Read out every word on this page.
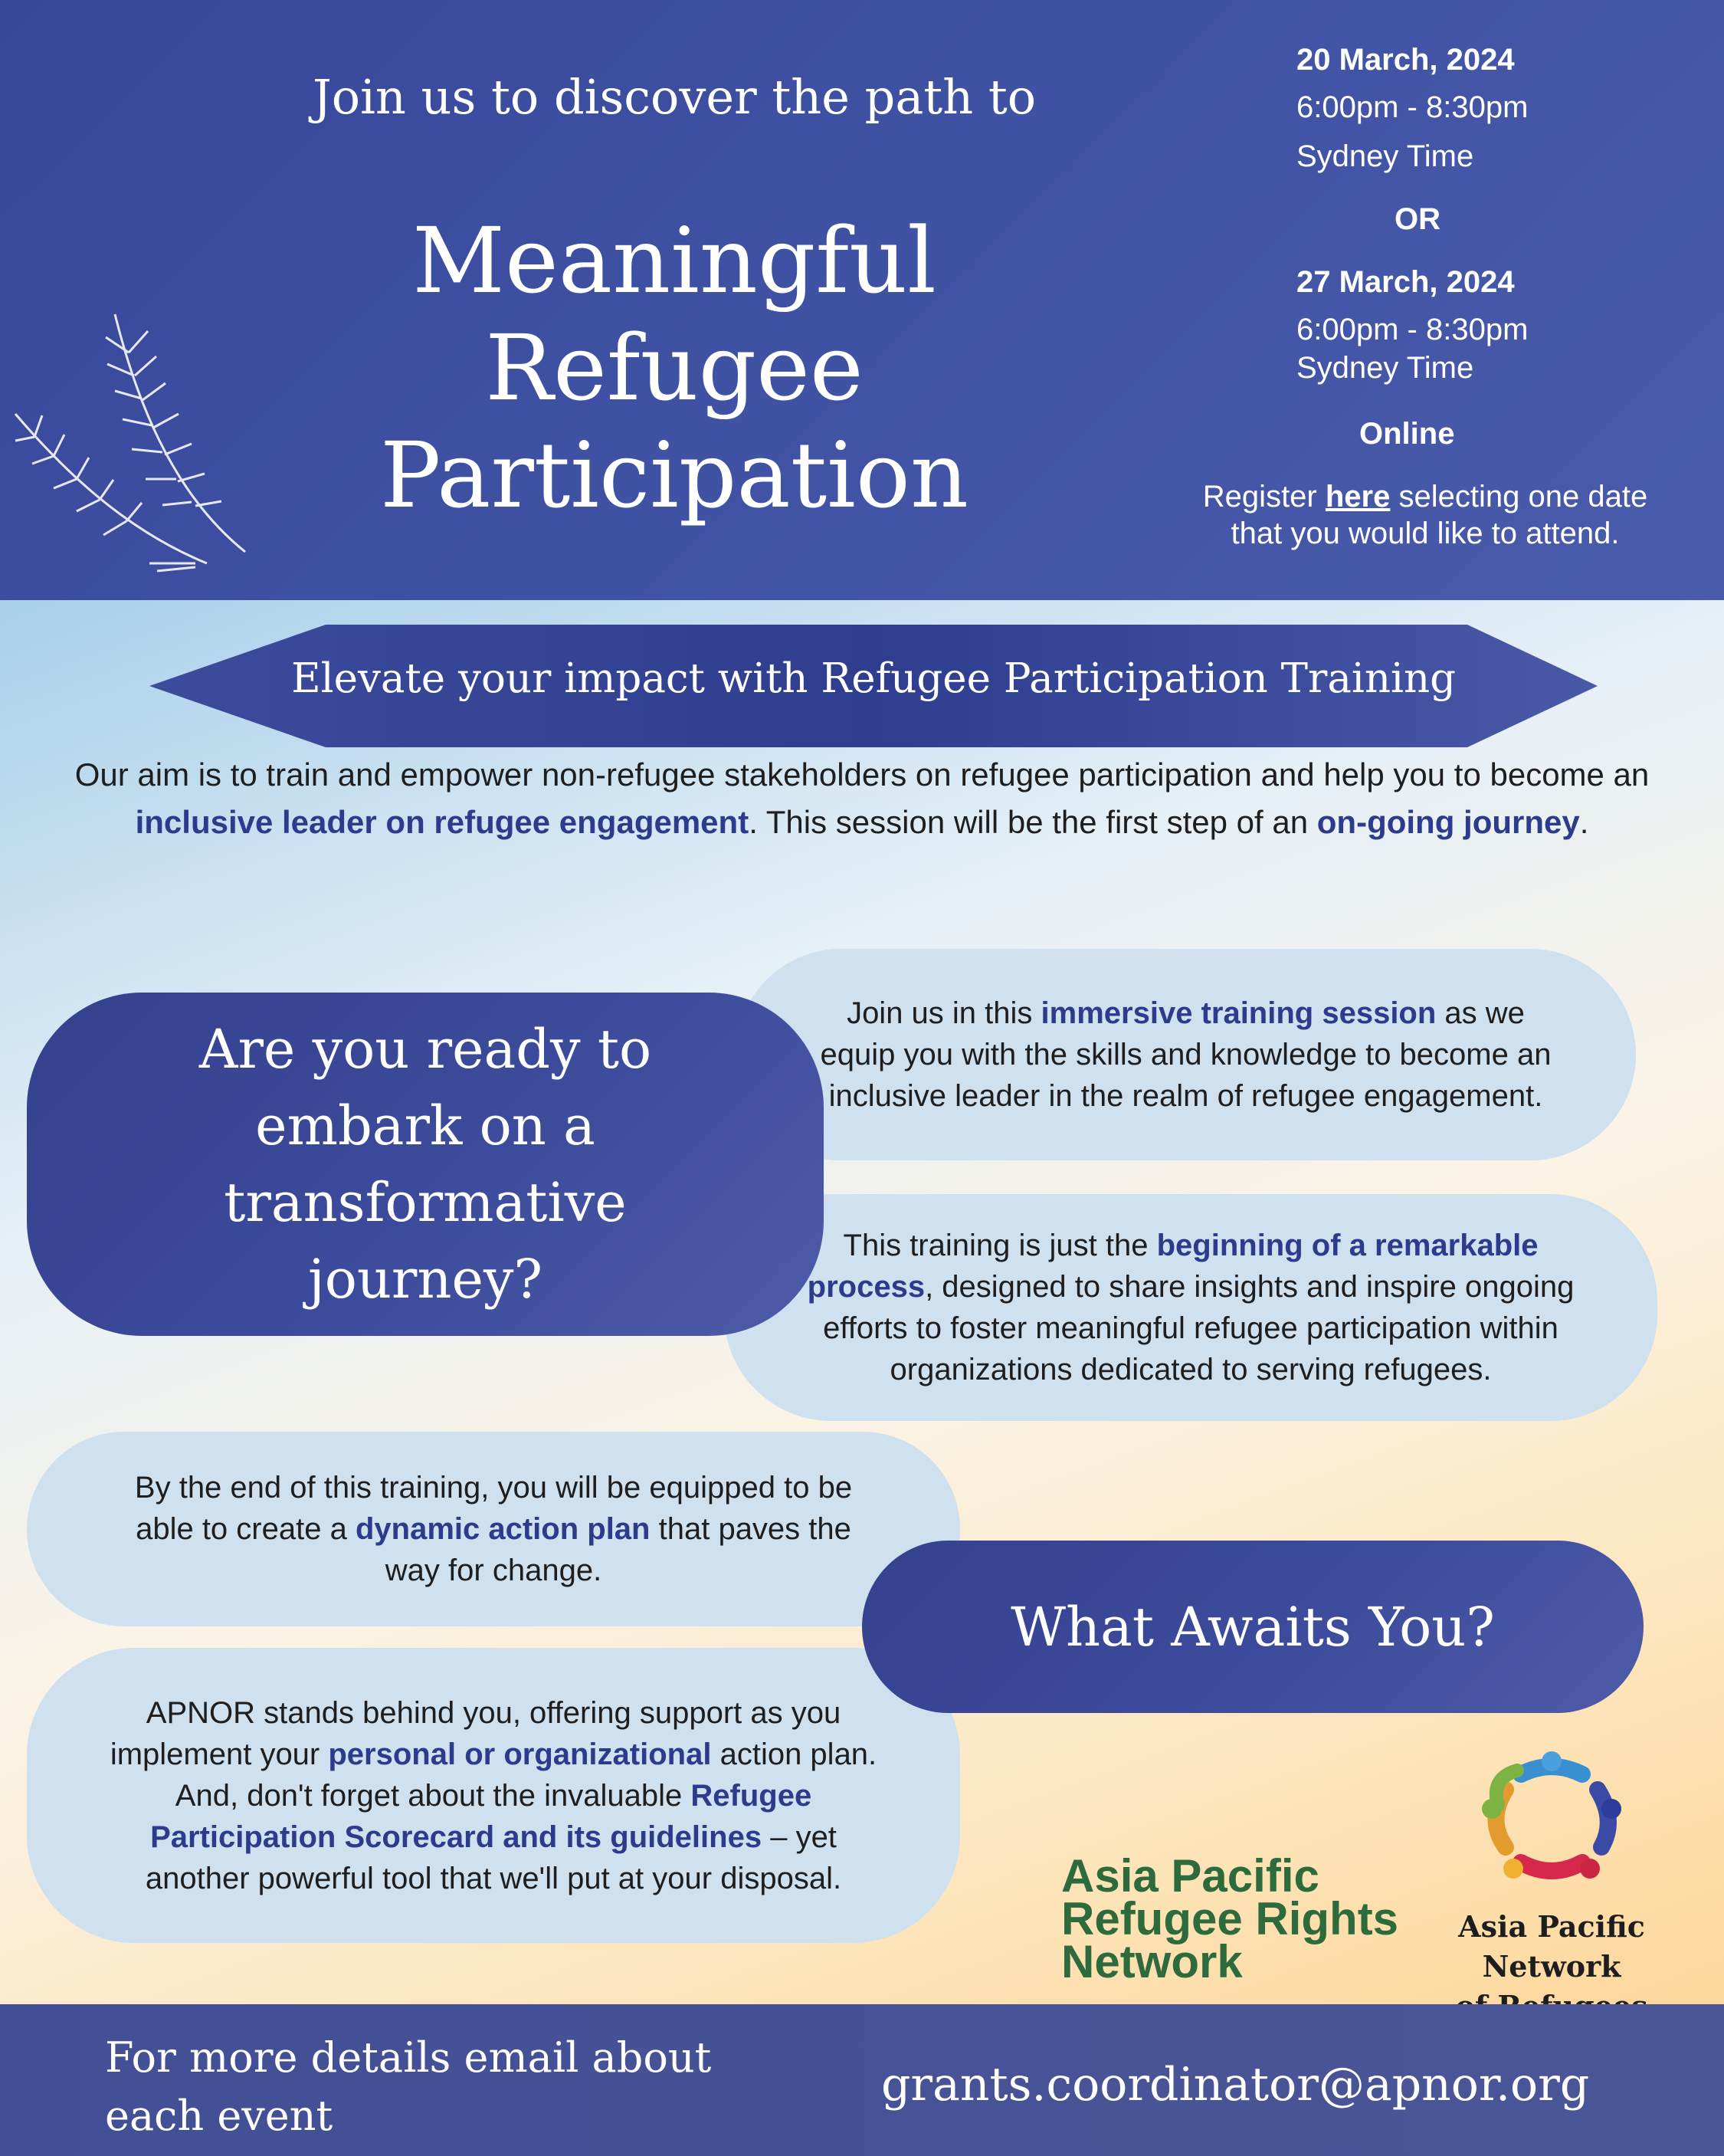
Join us to discover the path to
Meaningful Refugee
Participation
20 March, 2024
6:00pm - 8:30pm
Sydney Time
OR
27 March, 2024
6:00pm - 8:30pm
Sydney Time
Online
Register here selecting one date
that you would like to attend.
Elevate your impact with Refugee Participation Training
Our aim is to train and empower non-refugee stakeholders on refugee participation and help you to become an inclusive leader on refugee engagement. This session will be the first step of an on-going journey.
Join us in this immersive training session as we equip you with the skills and knowledge to become an inclusive leader in the realm of refugee engagement.
This training is just the beginning of a remarkable process, designed to share insights and inspire ongoing efforts to foster meaningful refugee participation within organizations dedicated to serving refugees.
Are you ready to embark on a transformative journey?
By the end of this training, you will be equipped to be able to create a dynamic action plan that paves the way for change.
APNOR stands behind you, offering support as you implement your personal or organizational action plan. And, don't forget about the invaluable Refugee Participation Scorecard and its guidelines – yet another powerful tool that we'll put at your disposal.
What Awaits You?
Asia Pacific
Refugee Rights
Network
Asia Pacific Network
For more details email about
each event
grants.coordinator@apnor.org
